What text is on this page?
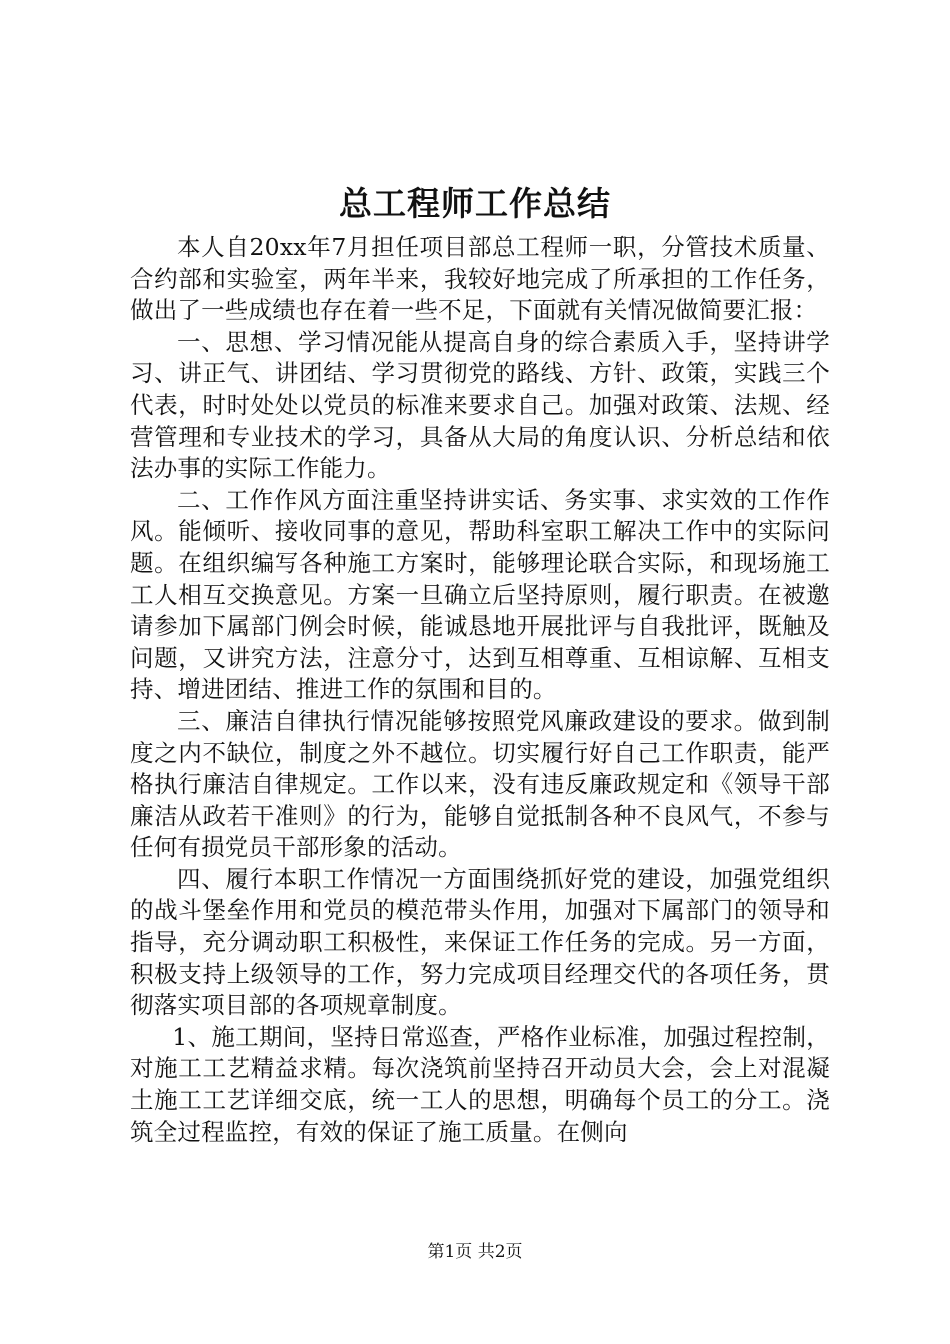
总工程师工作总结

本人自20xx年7月担任项目部总工程师一职，分管技术质量、合约部和实验室，两年半来，我较好地完成了所承担的工作任务，做出了一些成绩也存在着一些不足，下面就有关情况做简要汇报：

一、思想、学习情况能从提高自身的综合素质入手，坚持讲学习、讲正气、讲团结、学习贯彻党的路线、方针、政策，实践三个代表，时时处处以党员的标准来要求自己。加强对政策、法规、经营管理和专业技术的学习，具备从大局的角度认识、分析总结和依法办事的实际工作能力。

二、工作作风方面注重坚持讲实话、务实事、求实效的工作作风。能倾听、接收同事的意见，帮助科室职工解决工作中的实际问题。在组织编写各种施工方案时，能够理论联合实际，和现场施工工人相互交换意见。方案一旦确立后坚持原则，履行职责。在被邀请参加下属部门例会时候，能诚恳地开展批评与自我批评，既触及问题，又讲究方法，注意分寸，达到互相尊重、互相谅解、互相支持、增进团结、推进工作的氛围和目的。

三、廉洁自律执行情况能够按照党风廉政建设的要求。做到制度之内不缺位，制度之外不越位。切实履行好自己工作职责，能严格执行廉洁自律规定。工作以来，没有违反廉政规定和《领导干部廉洁从政若干准则》的行为，能够自觉抵制各种不良风气，不参与任何有损党员干部形象的活动。

四、履行本职工作情况一方面围绕抓好党的建设，加强党组织的战斗堡垒作用和党员的模范带头作用，加强对下属部门的领导和指导，充分调动职工积极性，来保证工作任务的完成。另一方面，积极支持上级领导的工作，努力完成项目经理交代的各项任务，贯彻落实项目部的各项规章制度。

1、施工期间，坚持日常巡查，严格作业标准，加强过程控制，对施工工艺精益求精。每次浇筑前坚持召开动员大会，会上对混凝土施工工艺详细交底，统一工人的思想，明确每个员工的分工。浇筑全过程监控，有效的保证了施工质量。在侧向

第1页 共2页
